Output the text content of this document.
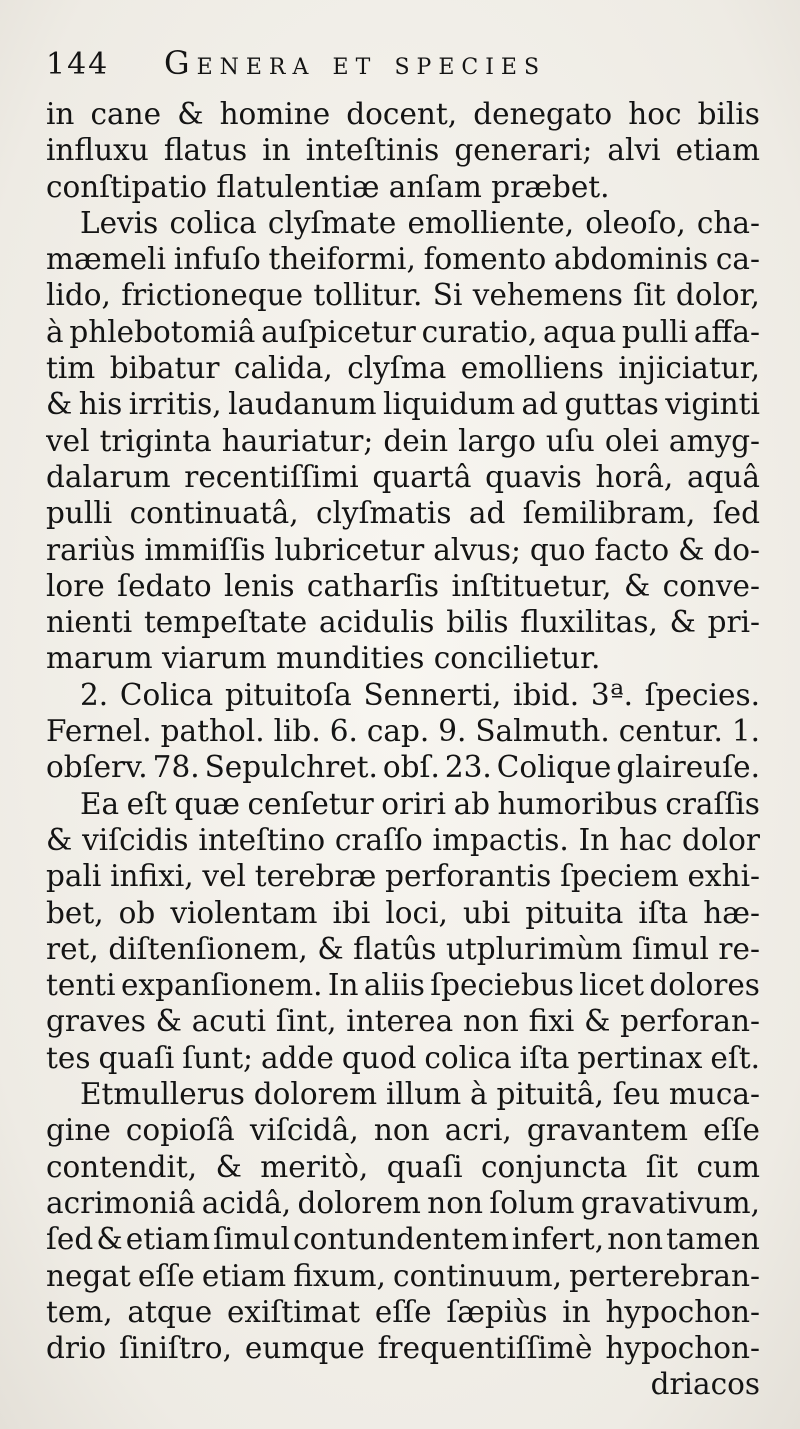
144	Genera et species
in cane & homine docent, denegato hoc bilis
influxu flatus in inteſtinis generari; alvi etiam
conſtipatio flatulentiæ anſam præbet.
Levis colica clyſmate emolliente, oleoſo, cha-
mæmeli infuſo theiformi, fomento abdominis ca-
lido, frictioneque tollitur. Si vehemens ſit dolor,
à phlebotomiâ auſpicetur curatio, aqua pulli affa-
tim bibatur calida, clyſma emolliens injiciatur,
& his irritis, laudanum liquidum ad guttas viginti
vel triginta hauriatur; dein largo uſu olei amyg-
dalarum recentiſſimi quartâ quavis horâ, aquâ
pulli continuatâ, clyſmatis ad ſemilibram, ſed
rariùs immiſſis lubricetur alvus; quo facto & do-
lore ſedato lenis catharſis inſtituetur, & conve-
nienti tempeſtate acidulis bilis fluxilitas, & pri-
marum viarum mundities concilietur.
2. Colica pituitoſa Sennerti, ibid. 3ª. ſpecies.
Fernel. pathol. lib. 6. cap. 9. Salmuth. centur. 1.
obſerv. 78. Sepulchret. obſ. 23. Colique glaireuſe.
Ea eſt quæ cenſetur oriri ab humoribus craſſis
& viſcidis inteſtino craſſo impactis. In hac dolor
pali infixi, vel terebræ perforantis ſpeciem exhi-
bet, ob violentam ibi loci, ubi pituita iſta hæ-
ret, diſtenſionem, & flatûs utplurimùm ſimul re-
tenti expanſionem. In aliis ſpeciebus licet dolores
graves & acuti ſint, interea non fixi & perforan-
tes quaſi ſunt; adde quod colica iſta pertinax eſt.
Etmullerus dolorem illum à pituitâ, ſeu muca-
gine copioſâ viſcidâ, non acri, gravantem eſſe
contendit, & meritò, quaſi conjuncta ſit cum
acrimoniâ acidâ, dolorem non ſolum gravativum,
ſed & etiam ſimul contundentem infert, non tamen
negat eſſe etiam fixum, continuum, perterebran-
tem, atque exiſtimat eſſe ſæpiùs in hypochon-
drio ſiniſtro, eumque frequentiſſimè hypochon-
driacos
